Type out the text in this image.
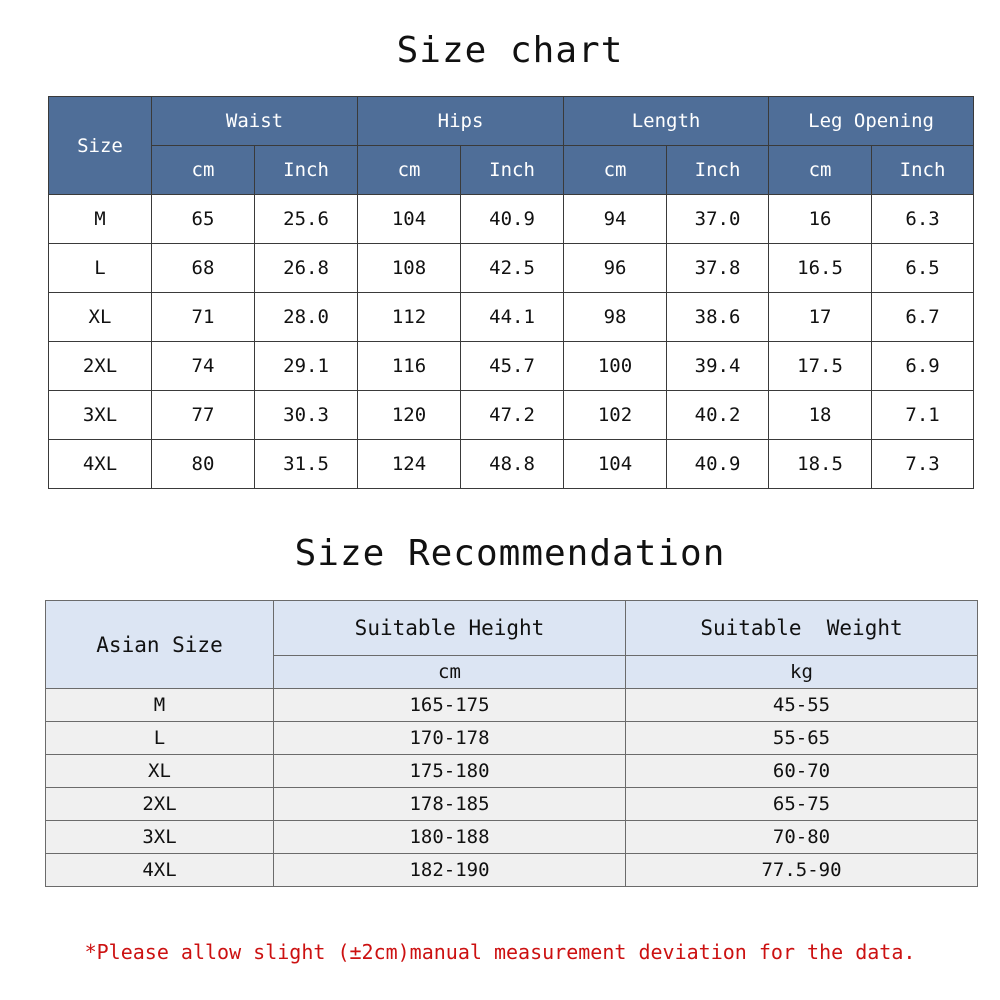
Size chart
Size	Waist		Hips		Length		Leg Opening	
	cm	Inch	cm	Inch	cm	Inch	cm	Inch
M	65	25.6	104	40.9	94	37.0	16	6.3
L	68	26.8	108	42.5	96	37.8	16.5	6.5
XL	71	28.0	112	44.1	98	38.6	17	6.7
2XL	74	29.1	116	45.7	100	39.4	17.5	6.9
3XL	77	30.3	120	47.2	102	40.2	18	7.1
4XL	80	31.5	124	48.8	104	40.9	18.5	7.3
Size Recommendation
Asian Size	Suitable Height	Suitable  Weight
	cm	kg
M	165-175	45-55
L	170-178	55-65
XL	175-180	60-70
2XL	178-185	65-75
3XL	180-188	70-80
4XL	182-190	77.5-90
*Please allow slight (±2cm)manual measurement deviation for the data.
